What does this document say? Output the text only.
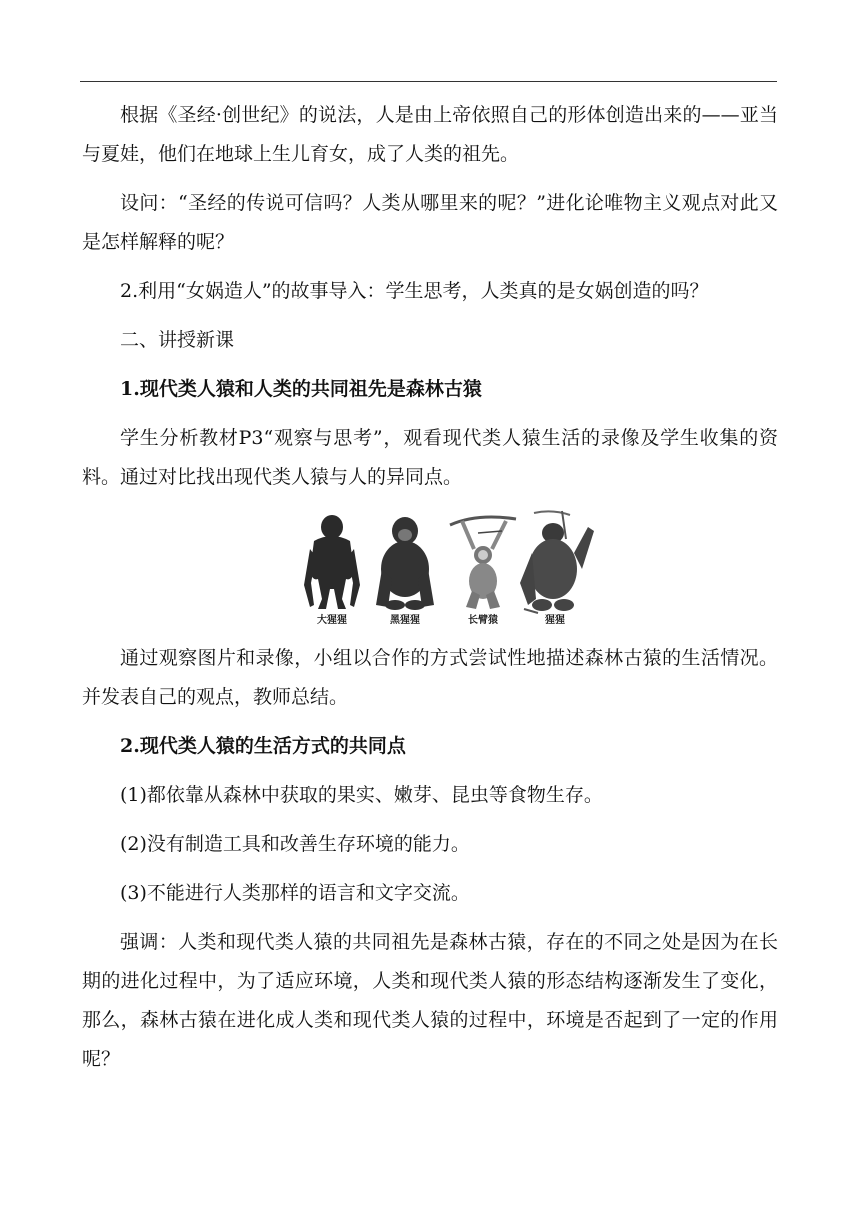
根据《圣经·创世纪》的说法，人是由上帝依照自己的形体创造出来的——亚当与夏娃，他们在地球上生儿育女，成了人类的祖先。

设问：“圣经的传说可信吗？人类从哪里来的呢？”进化论唯物主义观点对此又是怎样解释的呢？

2.利用“女娲造人”的故事导入：学生思考，人类真的是女娲创造的吗？

二、讲授新课

1.现代类人猿和人类的共同祖先是森林古猿

学生分析教材P3“观察与思考”，观看现代类人猿生活的录像及学生收集的资料。通过对比找出现代类人猿与人的异同点。

大猩猩	黑猩猩	长臂猿	猩猩

通过观察图片和录像，小组以合作的方式尝试性地描述森林古猿的生活情况。并发表自己的观点，教师总结。

2.现代类人猿的生活方式的共同点

(1)都依靠从森林中获取的果实、嫩芽、昆虫等食物生存。

(2)没有制造工具和改善生存环境的能力。

(3)不能进行人类那样的语言和文字交流。

强调：人类和现代类人猿的共同祖先是森林古猿，存在的不同之处是因为在长期的进化过程中，为了适应环境，人类和现代类人猿的形态结构逐渐发生了变化，那么，森林古猿在进化成人类和现代类人猿的过程中，环境是否起到了一定的作用呢？
